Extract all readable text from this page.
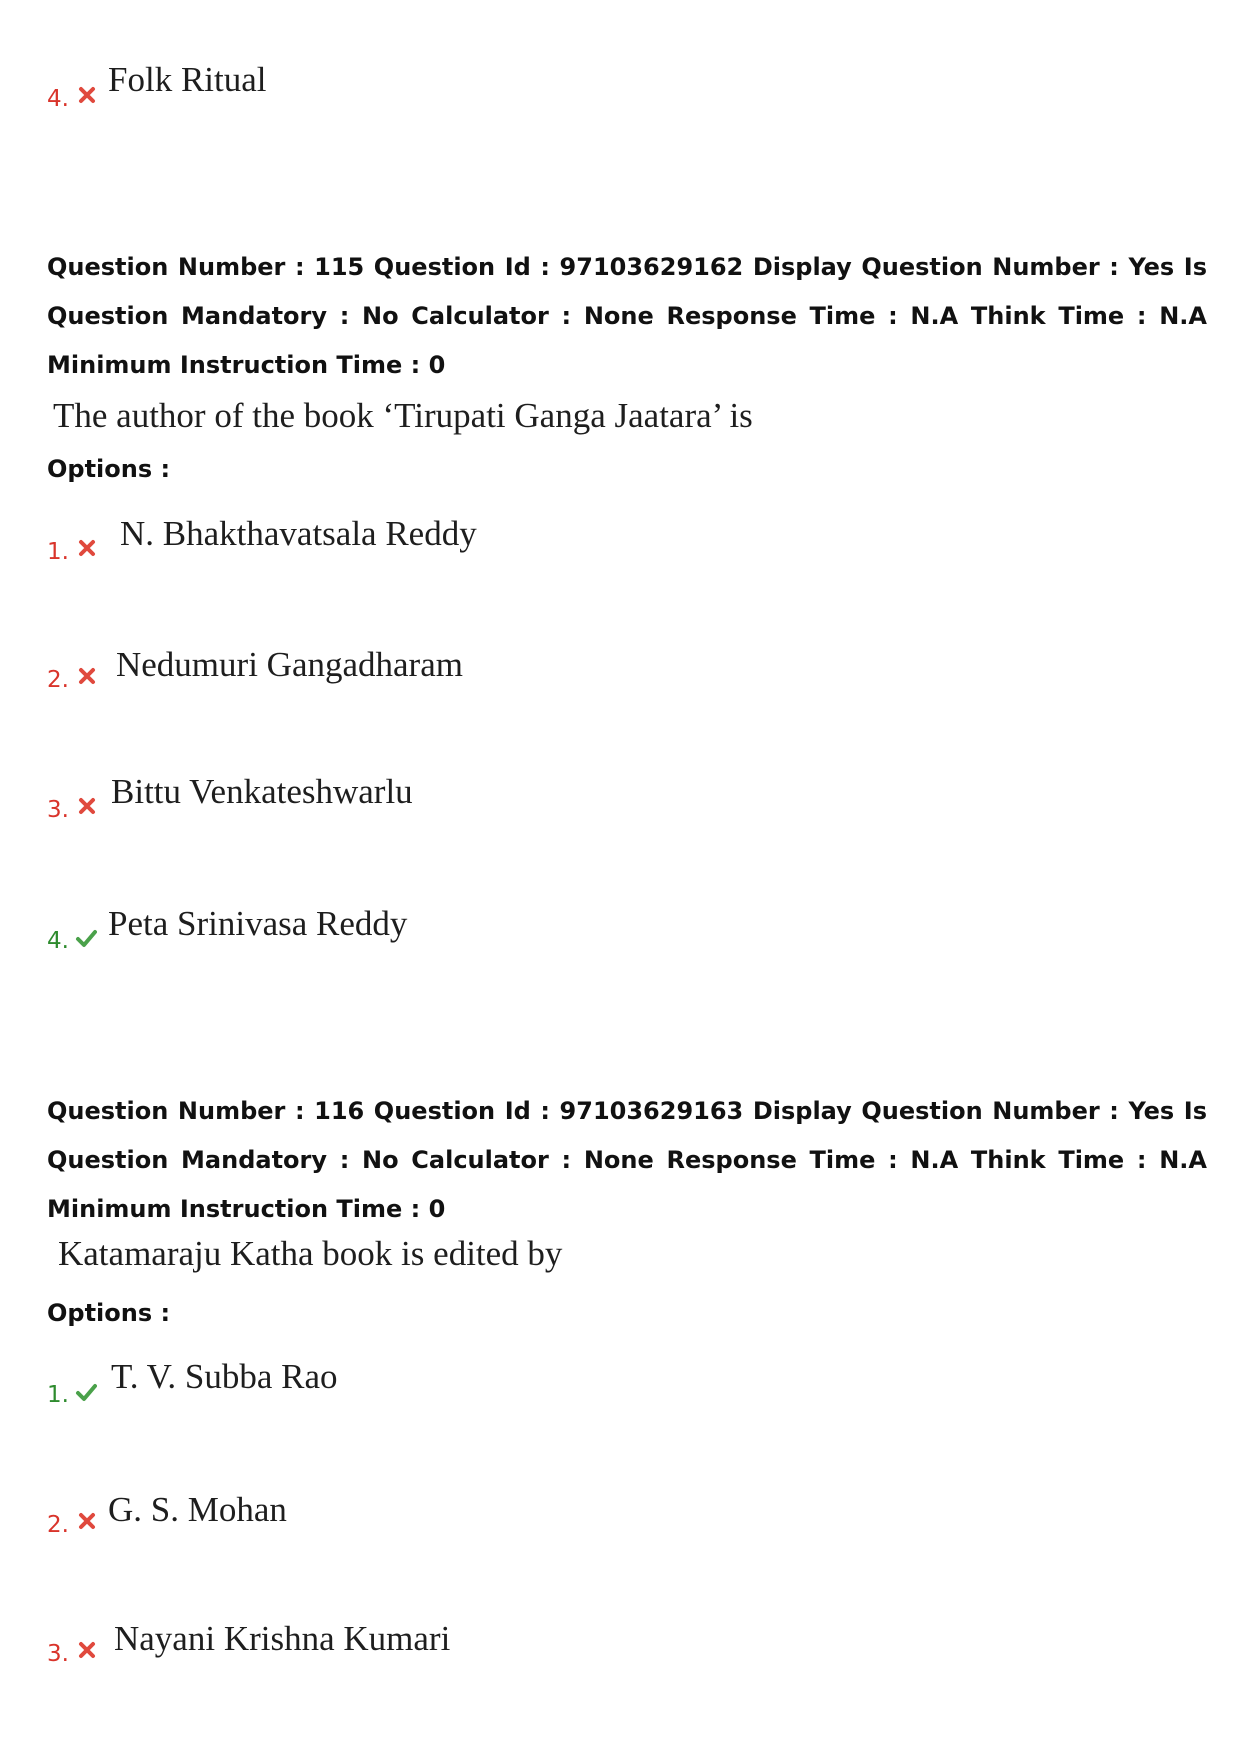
4. Folk Ritual
Question Number : 115 Question Id : 97103629162 Display Question Number : Yes Is Question Mandatory : No Calculator : None Response Time : N.A Think Time : N.A Minimum Instruction Time : 0
The author of the book ‘Tirupati Ganga Jaatara’ is
Options :
1. N. Bhakthavatsala Reddy
2. Nedumuri Gangadharam
3. Bittu Venkateshwarlu
4. Peta Srinivasa Reddy
Question Number : 116 Question Id : 97103629163 Display Question Number : Yes Is Question Mandatory : No Calculator : None Response Time : N.A Think Time : N.A Minimum Instruction Time : 0
Katamaraju Katha book is edited by
Options :
1. T. V. Subba Rao
2. G. S. Mohan
3. Nayani Krishna Kumari
